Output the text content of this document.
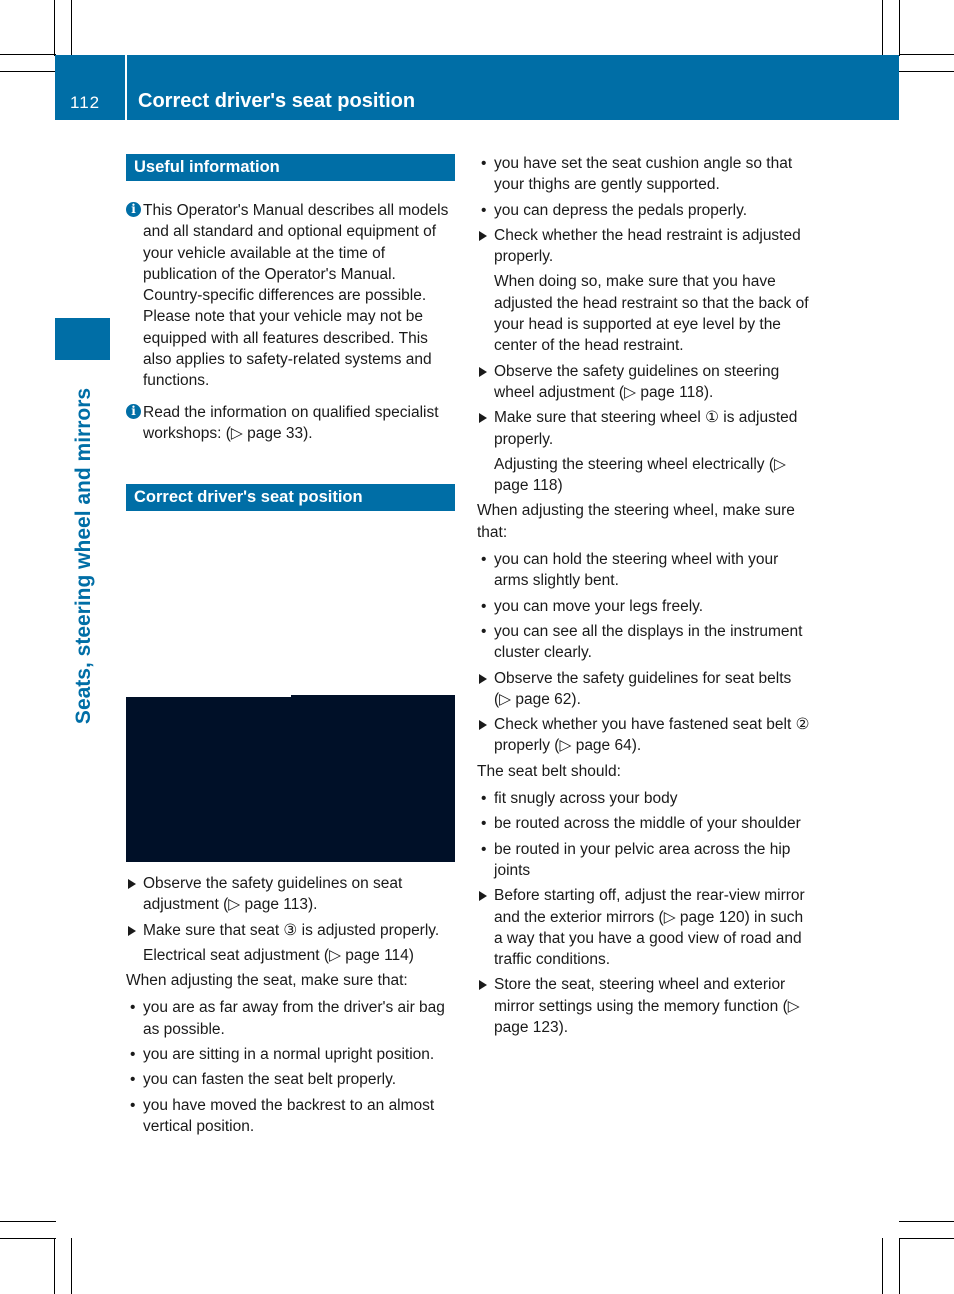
112	Correct driver's seat position
Seats, steering wheel and mirrors
Useful information

i This Operator's Manual describes all models and all standard and optional equipment of your vehicle available at the time of publication of the Operator's Manual. Country-specific differences are possible. Please note that your vehicle may not be equipped with all features described. This also applies to safety-related systems and functions.

i Read the information on qualified specialist workshops: (▷ page 33).

Correct driver's seat position

Observe the safety guidelines on seat adjustment (▷ page 113).

Make sure that seat ③ is adjusted properly.

Electrical seat adjustment (▷ page 114)

When adjusting the seat, make sure that:

• you are as far away from the driver's air bag as possible.

• you are sitting in a normal upright position.

• you can fasten the seat belt properly.

• you have moved the backrest to an almost vertical position.

• you have set the seat cushion angle so that your thighs are gently supported.

• you can depress the pedals properly.

Check whether the head restraint is adjusted properly.

When doing so, make sure that you have adjusted the head restraint so that the back of your head is supported at eye level by the center of the head restraint.

Observe the safety guidelines on steering wheel adjustment (▷ page 118).

Make sure that steering wheel ① is adjusted properly.

Adjusting the steering wheel electrically (▷ page 118)

When adjusting the steering wheel, make sure that:

• you can hold the steering wheel with your arms slightly bent.

• you can move your legs freely.

• you can see all the displays in the instrument cluster clearly.

Observe the safety guidelines for seat belts (▷ page 62).

Check whether you have fastened seat belt ② properly (▷ page 64).

The seat belt should:

• fit snugly across your body

• be routed across the middle of your shoulder

• be routed in your pelvic area across the hip joints

Before starting off, adjust the rear-view mirror and the exterior mirrors (▷ page 120) in such a way that you have a good view of road and traffic conditions.

Store the seat, steering wheel and exterior mirror settings using the memory function (▷ page 123).
